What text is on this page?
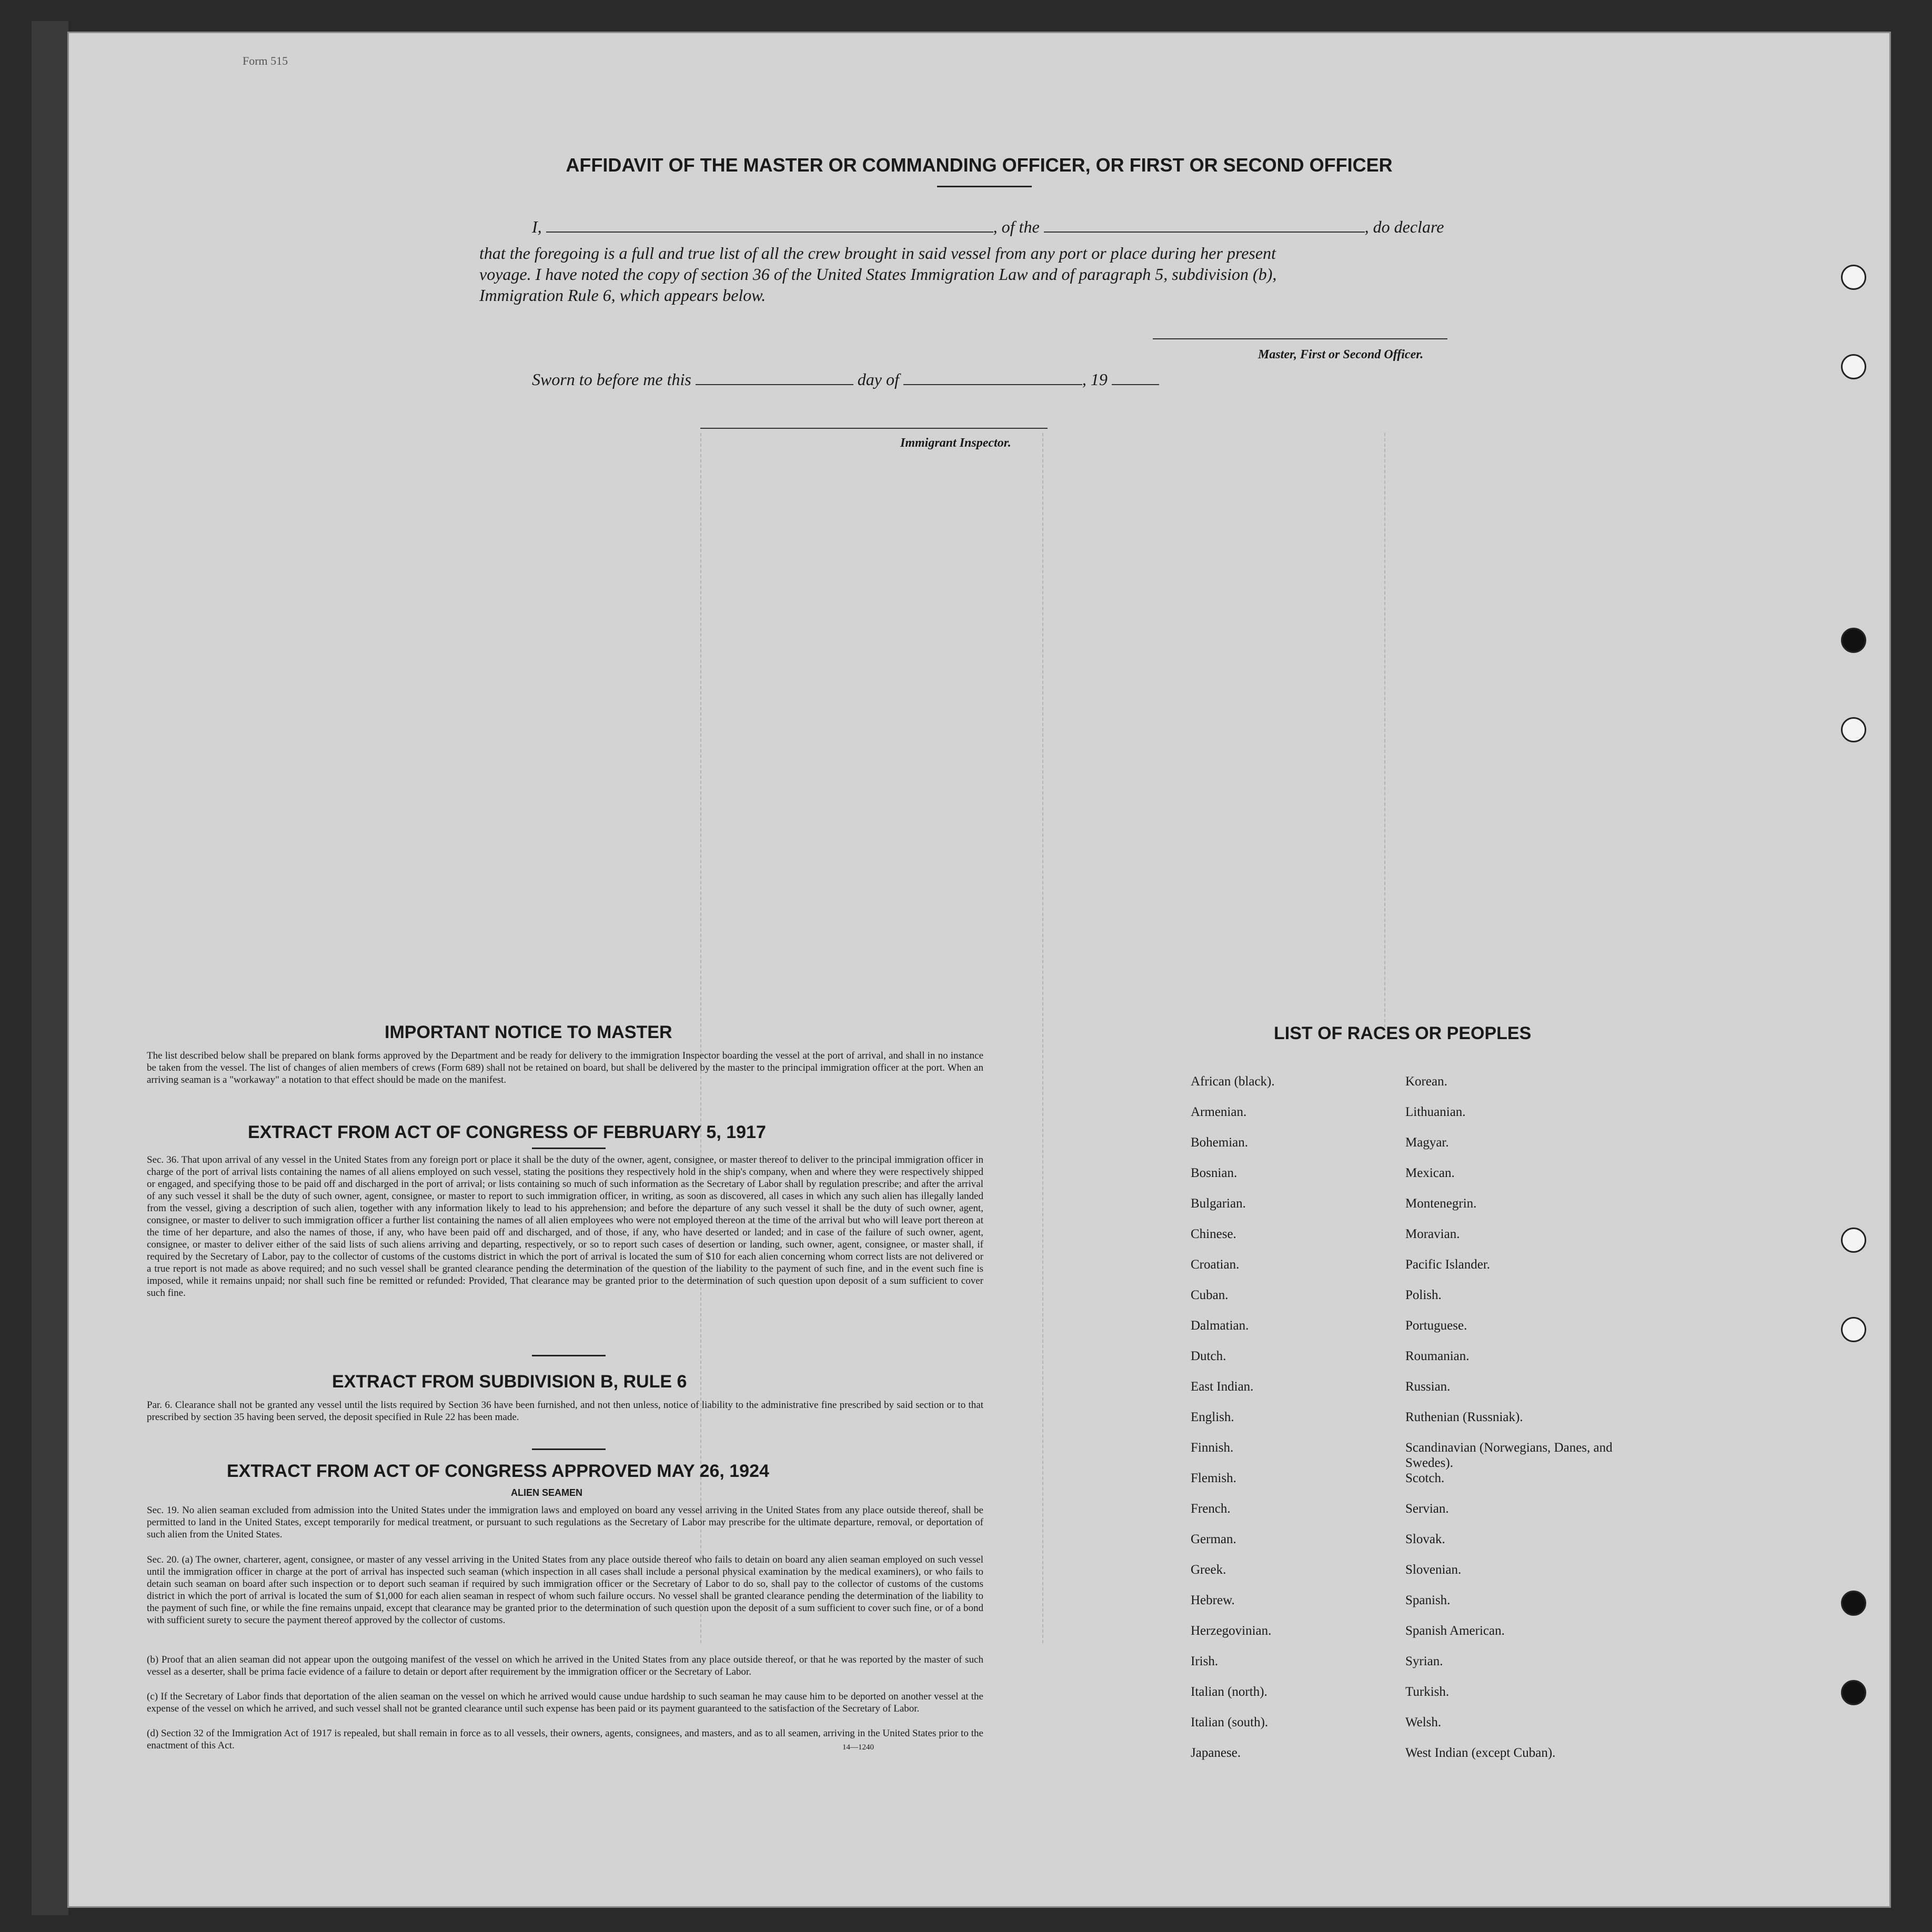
AFFIDAVIT OF THE MASTER OR COMMANDING OFFICER, OR FIRST OR SECOND OFFICER
I,	, of the	, do declare
that the foregoing is a full and true list of all the crew brought in said vessel from any port or place during her present
voyage. I have noted the copy of section 36 of the United States Immigration Law and of paragraph 5, subdivision (b),
Immigration Rule 6, which appears below.
Master, First or Second Officer.
Sworn to before me this	day of	, 19
Immigrant Inspector.
IMPORTANT NOTICE TO MASTER
The list described below shall be prepared on blank forms approved by the Department and be ready for delivery to the immigration Inspector boarding the vessel at the port of arrival, and shall in no instance be taken from the vessel. The list of changes of alien members of crews (Form 689) shall not be retained on board, but shall be delivered by the master to the principal immigration officer at the port. When an arriving seaman is a "workaway" a notation to that effect should be made on the manifest.
EXTRACT FROM ACT OF CONGRESS OF FEBRUARY 5, 1917
Sec. 36. That upon arrival of any vessel in the United States from any foreign port or place it shall be the duty of the owner, agent, consignee, or master thereof to deliver to the principal immigration officer in charge of the port of arrival lists containing the names of all aliens employed on such vessel, stating the positions they respectively hold in the ship's company, when and where they were respectively shipped or engaged, and specifying those to be paid off and discharged in the port of arrival; or lists containing so much of such information as the Secretary of Labor shall by regulation prescribe; and after the arrival of any such vessel it shall be the duty of such owner, agent, consignee, or master to report to such immigration officer, in writing, as soon as discovered, all cases in which any such alien has illegally landed from the vessel, giving a description of such alien, together with any information likely to lead to his apprehension; and before the departure of any such vessel it shall be the duty of such owner, agent, consignee, or master to deliver to such immigration officer a further list containing the names of all alien employees who were not employed thereon at the time of the arrival but who will leave port thereon at the time of her departure, and also the names of those, if any, who have been paid off and discharged, and of those, if any, who have deserted or landed; and in case of the failure of such owner, agent, consignee, or master to deliver either of the said lists of such aliens arriving and departing, respectively, or so to report such cases of desertion or landing, such owner, agent, consignee, or master shall, if required by the Secretary of Labor, pay to the collector of customs of the customs district in which the port of arrival is located the sum of $10 for each alien concerning whom correct lists are not delivered or a true report is not made as above required; and no such vessel shall be granted clearance pending the determination of the question of the liability to the payment of such fine, and in the event such fine is imposed, while it remains unpaid; nor shall such fine be remitted or refunded: Provided, That clearance may be granted prior to the determination of such question upon deposit of a sum sufficient to cover such fine.
EXTRACT FROM SUBDIVISION B, RULE 6
Par. 6. Clearance shall not be granted any vessel until the lists required by Section 36 have been furnished, and not then unless, notice of liability to the administrative fine prescribed by said section or to that prescribed by section 35 having been served, the deposit specified in Rule 22 has been made.
EXTRACT FROM ACT OF CONGRESS APPROVED MAY 26, 1924
ALIEN SEAMEN
Sec. 19. No alien seaman excluded from admission into the United States under the immigration laws and employed on board any vessel arriving in the United States from any place outside thereof, shall be permitted to land in the United States, except temporarily for medical treatment, or pursuant to such regulations as the Secretary of Labor may prescribe for the ultimate departure, removal, or deportation of such alien from the United States.
Sec. 20. (a) The owner, charterer, agent, consignee, or master of any vessel arriving in the United States from any place outside thereof who fails to detain on board any alien seaman employed on such vessel until the immigration officer in charge at the port of arrival has inspected such seaman (which inspection in all cases shall include a personal physical examination by the medical examiners), or who fails to detain such seaman on board after such inspection or to deport such seaman if required by such immigration officer or the Secretary of Labor to do so, shall pay to the collector of customs of the customs district in which the port of arrival is located the sum of $1,000 for each alien seaman in respect of whom such failure occurs. No vessel shall be granted clearance pending the determination of the liability to the payment of such fine, or while the fine remains unpaid, except that clearance may be granted prior to the determination of such question upon the deposit of a sum sufficient to cover such fine, or of a bond with sufficient surety to secure the payment thereof approved by the collector of customs.
(b) Proof that an alien seaman did not appear upon the outgoing manifest of the vessel on which he arrived in the United States from any place outside thereof, or that he was reported by the master of such vessel as a deserter, shall be prima facie evidence of a failure to detain or deport after requirement by the immigration officer or the Secretary of Labor.
(c) If the Secretary of Labor finds that deportation of the alien seaman on the vessel on which he arrived would cause undue hardship to such seaman he may cause him to be deported on another vessel at the expense of the vessel on which he arrived, and such vessel shall not be granted clearance until such expense has been paid or its payment guaranteed to the satisfaction of the Secretary of Labor.
(d) Section 32 of the Immigration Act of 1917 is repealed, but shall remain in force as to all vessels, their owners, agents, consignees, and masters, and as to all seamen, arriving in the United States prior to the enactment of this Act.	14—1240
LIST OF RACES OR PEOPLES
African (black).
Armenian.
Bohemian.
Bosnian.
Bulgarian.
Chinese.
Croatian.
Cuban.
Dalmatian.
Dutch.
East Indian.
English.
Finnish.
Flemish.
French.
German.
Greek.
Hebrew.
Herzegovinian.
Irish.
Italian (north).
Italian (south).
Japanese.
Korean.
Lithuanian.
Magyar.
Mexican.
Montenegrin.
Moravian.
Pacific Islander.
Polish.
Portuguese.
Roumanian.
Russian.
Ruthenian (Russniak).
Scandinavian (Norwegians, Danes, and Swedes).
Scotch.
Servian.
Slovak.
Slovenian.
Spanish.
Spanish American.
Syrian.
Turkish.
Welsh.
West Indian (except Cuban).
Form 515
